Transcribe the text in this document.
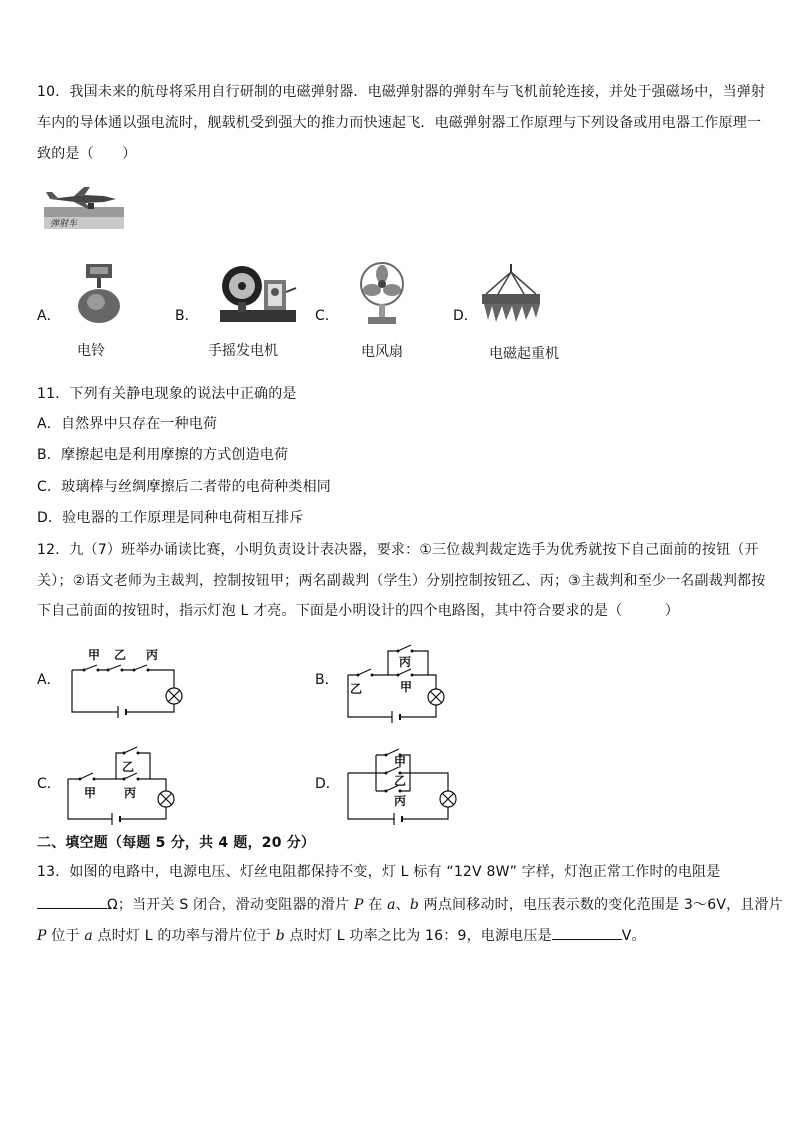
10．我国未来的航母将采用自行研制的电磁弹射器．电磁弹射器的弹射车与飞机前轮连接，并处于强磁场中，当弹射
车内的导体通以强电流时，舰载机受到强大的推力而快速起飞．电磁弹射器工作原理与下列设备或用电器工作原理一
致的是（　　）
弹射车
A．
电铃
B．
手摇发电机
C．
电风扇
D．
电磁起重机
11．下列有关静电现象的说法中正确的是
A．自然界中只存在一种电荷
B．摩擦起电是利用摩擦的方式创造电荷
C．玻璃棒与丝绸摩擦后二者带的电荷种类相同
D．验电器的工作原理是同种电荷相互排斥
12．九（7）班举办诵读比赛，小明负责设计表决器，要求：①三位裁判裁定选手为优秀就按下自己面前的按钮（开
关）；②语文老师为主裁判，控制按钮甲；两名副裁判（学生）分别控制按钮乙、丙；③主裁判和至少一名副裁判都按
下自己前面的按钮时，指示灯泡 L 才亮。下面是小明设计的四个电路图，其中符合要求的是（　　　）
A．
甲 乙 丙
B．
丙
乙	甲
C．
乙
甲 丙
D．
甲
乙
丙
二、填空题（每题 5 分，共 4 题，20 分）
13．如图的电路中，电源电压、灯丝电阻都保持不变，灯 L 标有 “12V 8W” 字样，灯泡正常工作时的电阻是
Ω；当开关 S 闭合，滑动变阻器的滑片 P 在 a、b 两点间移动时，电压表示数的变化范围是 3～6V，且滑片
P 位于 a 点时灯 L 的功率与滑片位于 b 点时灯 L 功率之比为 16：9，电源电压是	V。
